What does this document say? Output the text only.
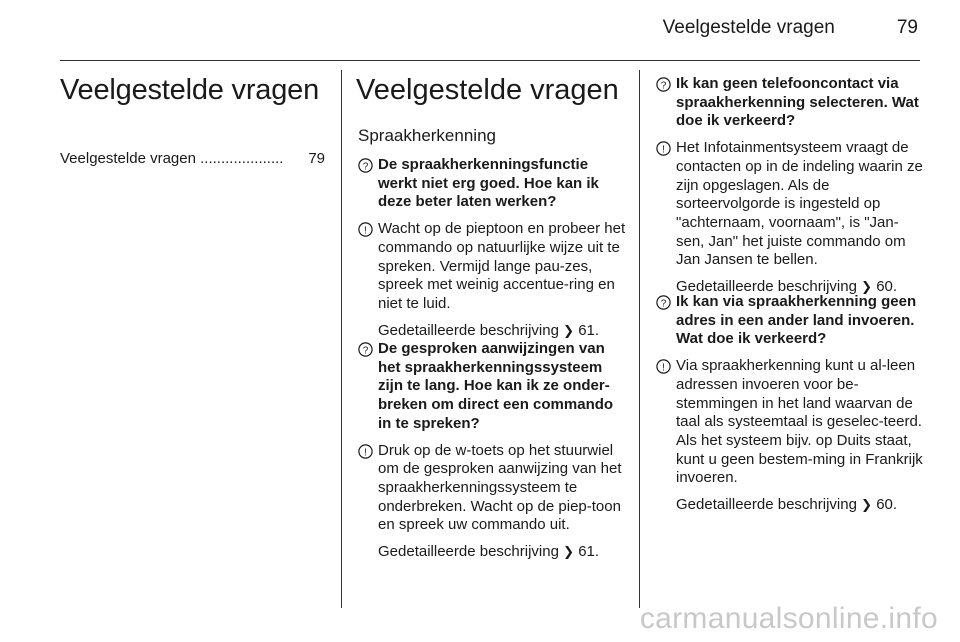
Veelgestelde vragen	79
Veelgestelde vragen
Veelgestelde vragen ....................	79
Veelgestelde vragen
Spraakherkenning
? De spraakherkenningsfunctie werkt niet erg goed. Hoe kan ik deze beter laten werken?
! Wacht op de pieptoon en probeer het commando op natuurlijke wijze uit te spreken. Vermijd lange pau-zes, spreek met weinig accentue-ring en niet te luid.
Gedetailleerde beschrijving ❯ 61.
? De gesproken aanwijzingen van het spraakherkenningssysteem zijn te lang. Hoe kan ik ze onder-breken om direct een commando in te spreken?
! Druk op de w-toets op het stuurwiel om de gesproken aanwijzing van het spraakherkenningssysteem te onderbreken. Wacht op de piep-toon en spreek uw commando uit.
Gedetailleerde beschrijving ❯ 61.
? Ik kan geen telefooncontact via spraakherkenning selecteren. Wat doe ik verkeerd?
! Het Infotainmentsysteem vraagt de contacten op in de indeling waarin ze zijn opgeslagen. Als de sorteervolgorde is ingesteld op "achternaam, voornaam", is "Jan-sen, Jan" het juiste commando om Jan Jansen te bellen.
Gedetailleerde beschrijving ❯ 60.
? Ik kan via spraakherkenning geen adres in een ander land invoeren. Wat doe ik verkeerd?
! Via spraakherkenning kunt u al-leen adressen invoeren voor be-stemmingen in het land waarvan de taal als systeemtaal is geselec-teerd. Als het systeem bijv. op Duits staat, kunt u geen bestem-ming in Frankrijk invoeren.
Gedetailleerde beschrijving ❯ 60.
carmanualsonline.info
